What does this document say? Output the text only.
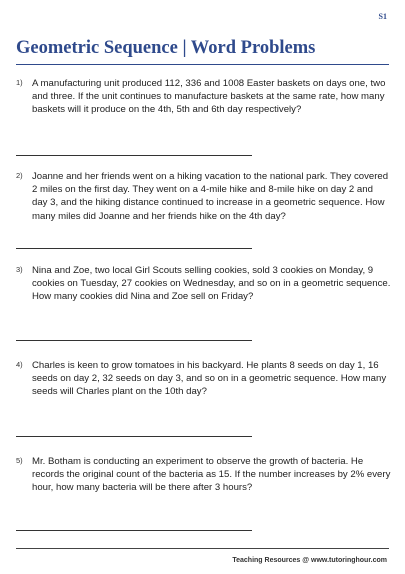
S1
Geometric Sequence | Word Problems
1) A manufacturing unit produced 112, 336 and 1008 Easter baskets on days one, two and three. If the unit continues to manufacture baskets at the same rate, how many baskets will it produce on the 4th, 5th and 6th day respectively?
2) Joanne and her friends went on a hiking vacation to the national park. They covered 2 miles on the first day. They went on a 4-mile hike and 8-mile hike on day 2 and day 3, and the hiking distance continued to increase in a geometric sequence. How many miles did Joanne and her friends hike on the 4th day?
3) Nina and Zoe, two local Girl Scouts selling cookies, sold 3 cookies on Monday, 9 cookies on Tuesday, 27 cookies on Wednesday, and so on in a geometric sequence. How many cookies did Nina and Zoe sell on Friday?
4) Charles is keen to grow tomatoes in his backyard. He plants 8 seeds on day 1, 16 seeds on day 2, 32 seeds on day 3, and so on in a geometric sequence. How many seeds will Charles plant on the 10th day?
5) Mr. Botham is conducting an experiment to observe the growth of bacteria. He records the original count of the bacteria as 15. If the number increases by 2% every hour, how many bacteria will be there after 3 hours?
Teaching Resources @ www.tutoringhour.com
